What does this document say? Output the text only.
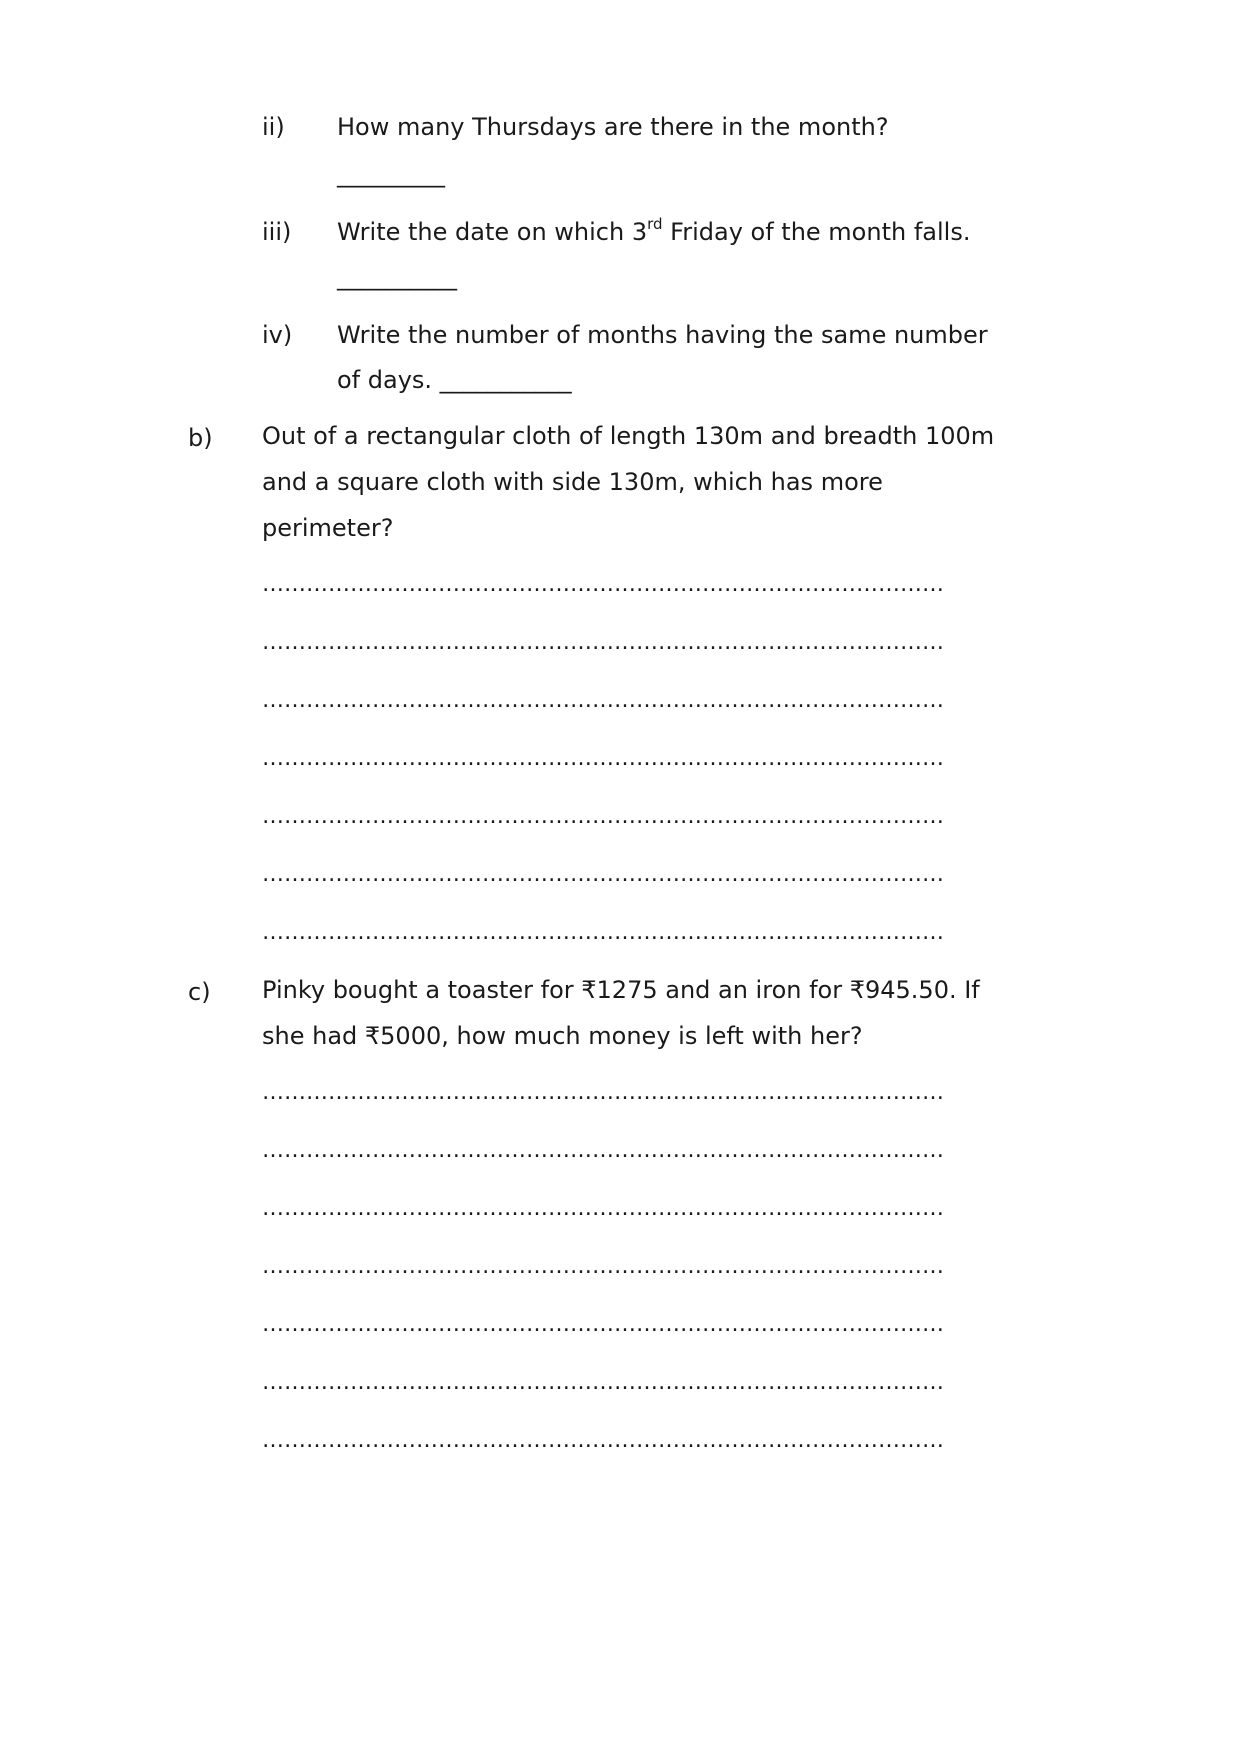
ii) How many Thursdays are there in the month?
_________
iii) Write the date on which 3rd Friday of the month falls.
__________
iv) Write the number of months having the same number
of days. ___________
b) Out of a rectangular cloth of length 130m and breadth 100m
and a square cloth with side 130m, which has more
perimeter?
…………………………………………………………………………………
…………………………………………………………………………………
…………………………………………………………………………………
…………………………………………………………………………………
…………………………………………………………………………………
…………………………………………………………………………………
…………………………………………………………………………………
c) Pinky bought a toaster for ₹1275 and an iron for ₹945.50. If
she had ₹5000, how much money is left with her?
…………………………………………………………………………………
…………………………………………………………………………………
…………………………………………………………………………………
…………………………………………………………………………………
…………………………………………………………………………………
…………………………………………………………………………………
…………………………………………………………………………………
